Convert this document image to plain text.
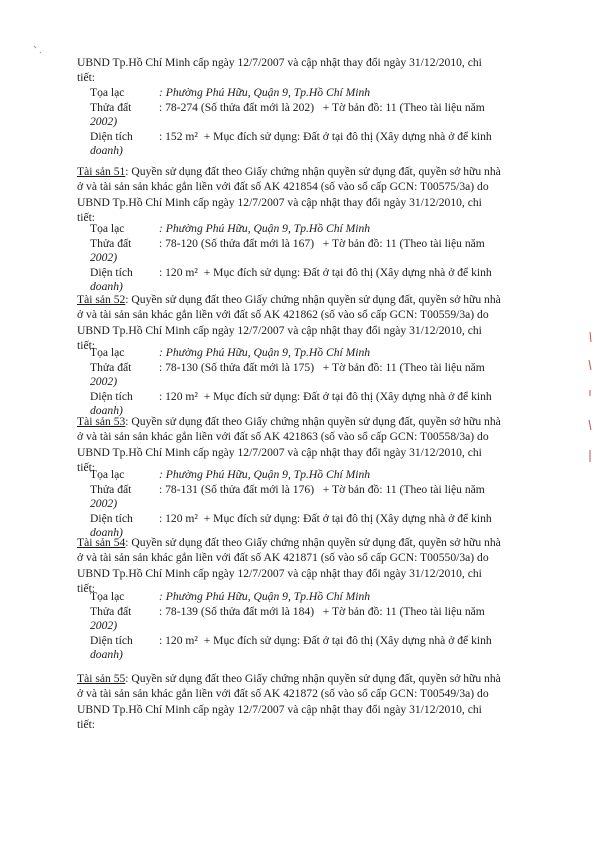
UBND Tp.Hồ Chí Minh cấp ngày 12/7/2007 và cập nhật thay đổi ngày 31/12/2010, chi
tiết:
Tọa lạc	: Phường Phú Hữu, Quận 9, Tp.Hồ Chí Minh
Thửa đất : 78-274 (Số thửa đất mới là 202) + Tờ bản đồ: 11 (Theo tài liệu năm
2002)
Diện tích : 152 m² + Mục đích sử dụng: Đất ở tại đô thị (Xây dựng nhà ở để kinh
doanh)
Tài sản 51: Quyền sử dụng đất theo Giấy chứng nhận quyền sử dụng đất, quyền sở hữu nhà
ở và tài sản sản khác gắn liền với đất số AK 421854 (số vào sổ cấp GCN: T00575/3a) do
UBND Tp.Hồ Chí Minh cấp ngày 12/7/2007 và cập nhật thay đổi ngày 31/12/2010, chi
tiết:
Tọa lạc	: Phường Phú Hữu, Quận 9, Tp.Hồ Chí Minh
Thửa đất : 78-120 (Số thửa đất mới là 167) + Tờ bản đồ: 11 (Theo tài liệu năm
2002)
Diện tích : 120 m² + Mục đích sử dụng: Đất ở tại đô thị (Xây dựng nhà ở để kinh
doanh)
Tài sản 52: Quyền sử dụng đất theo Giấy chứng nhận quyền sử dụng đất, quyền sở hữu nhà
ở và tài sản sản khác gắn liền với đất số AK 421862 (số vào sổ cấp GCN: T00559/3a) do
UBND Tp.Hồ Chí Minh cấp ngày 12/7/2007 và cập nhật thay đổi ngày 31/12/2010, chi
tiết:
Tọa lạc	: Phường Phú Hữu, Quận 9, Tp.Hồ Chí Minh
Thửa đất : 78-130 (Số thửa đất mới là 175) + Tờ bản đồ: 11 (Theo tài liệu năm
2002)
Diện tích : 120 m² + Mục đích sử dụng: Đất ở tại đô thị (Xây dựng nhà ở để kinh
doanh)
Tài sản 53: Quyền sử dụng đất theo Giấy chứng nhận quyền sử dụng đất, quyền sở hữu nhà
ở và tài sản sản khác gắn liền với đất số AK 421863 (số vào sổ cấp GCN: T00558/3a) do
UBND Tp.Hồ Chí Minh cấp ngày 12/7/2007 và cập nhật thay đổi ngày 31/12/2010, chi
tiết:
Tọa lạc	: Phường Phú Hữu, Quận 9, Tp.Hồ Chí Minh
Thửa đất : 78-131 (Số thửa đất mới là 176) + Tờ bản đồ: 11 (Theo tài liệu năm
2002)
Diện tích : 120 m² + Mục đích sử dụng: Đất ở tại đô thị (Xây dựng nhà ở để kinh
doanh)
Tài sản 54: Quyền sử dụng đất theo Giấy chứng nhận quyền sử dụng đất, quyền sở hữu nhà
ở và tài sản sản khác gắn liền với đất số AK 421871 (số vào sổ cấp GCN: T00550/3a) do
UBND Tp.Hồ Chí Minh cấp ngày 12/7/2007 và cập nhật thay đổi ngày 31/12/2010, chi
tiết:
Tọa lạc	: Phường Phú Hữu, Quận 9, Tp.Hồ Chí Minh
Thửa đất : 78-139 (Số thửa đất mới là 184) + Tờ bản đồ: 11 (Theo tài liệu năm
2002)
Diện tích : 120 m² + Mục đích sử dụng: Đất ở tại đô thị (Xây dựng nhà ở để kinh
doanh)
Tài sản 55: Quyền sử dụng đất theo Giấy chứng nhận quyền sử dụng đất, quyền sở hữu nhà
ở và tài sản sản khác gắn liền với đất số AK 421872 (số vào sổ cấp GCN: T00549/3a) do
UBND Tp.Hồ Chí Minh cấp ngày 12/7/2007 và cập nhật thay đổi ngày 31/12/2010, chi
tiết:
